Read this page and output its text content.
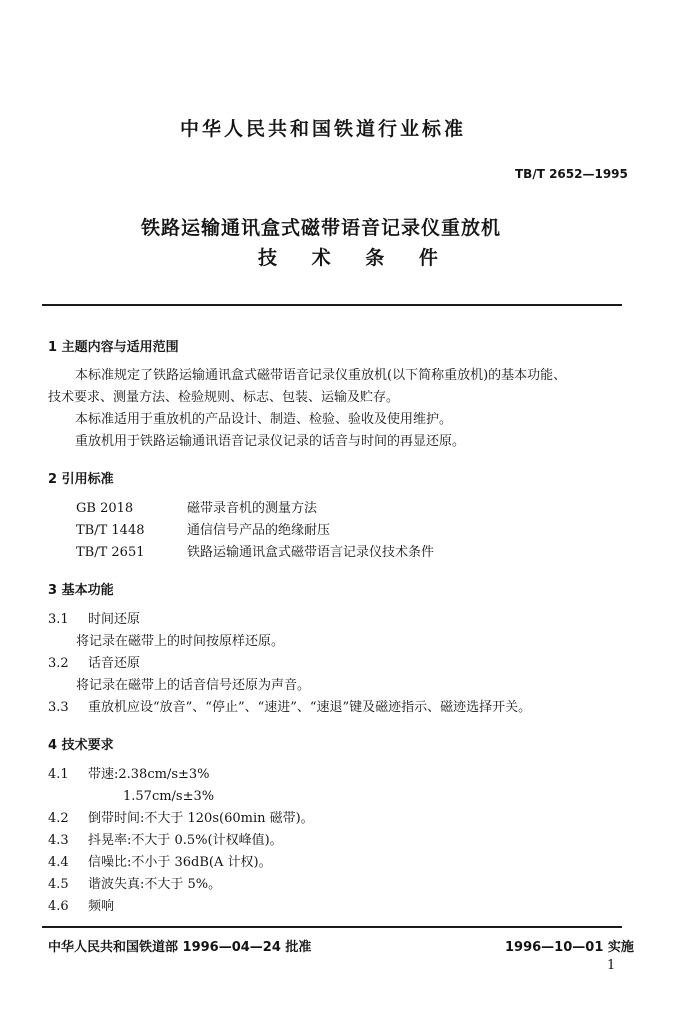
中华人民共和国铁道行业标准
TB/T 2652—1995
铁路运输通讯盒式磁带语音记录仪重放机
技 术 条 件
1 主题内容与适用范围
本标准规定了铁路运输通讯盒式磁带语音记录仪重放机(以下简称重放机)的基本功能、
技术要求、测量方法、检验规则、标志、包装、运输及贮存。
本标准适用于重放机的产品设计、制造、检验、验收及使用维护。
重放机用于铁路运输通讯语音记录仪记录的话音与时间的再显还原。
2 引用标准
GB 2018	磁带录音机的测量方法
TB/T 1448	通信信号产品的绝缘耐压
TB/T 2651	铁路运输通讯盒式磁带语言记录仪技术条件
3 基本功能
3.1 时间还原
将记录在磁带上的时间按原样还原。
3.2 话音还原
将记录在磁带上的话音信号还原为声音。
3.3 重放机应设“放音”、“停止”、“速进”、“速退”键及磁迹指示、磁迹选择开关。
4 技术要求
4.1 带速:2.38cm/s±3%
1.57cm/s±3%
4.2 倒带时间:不大于 120s(60min 磁带)。
4.3 抖晃率:不大于 0.5%(计权峰值)。
4.4 信噪比:不小于 36dB(A 计权)。
4.5 谐波失真:不大于 5%。
4.6 频响
中华人民共和国铁道部 1996—04—24 批准	1996—10—01 实施
1
